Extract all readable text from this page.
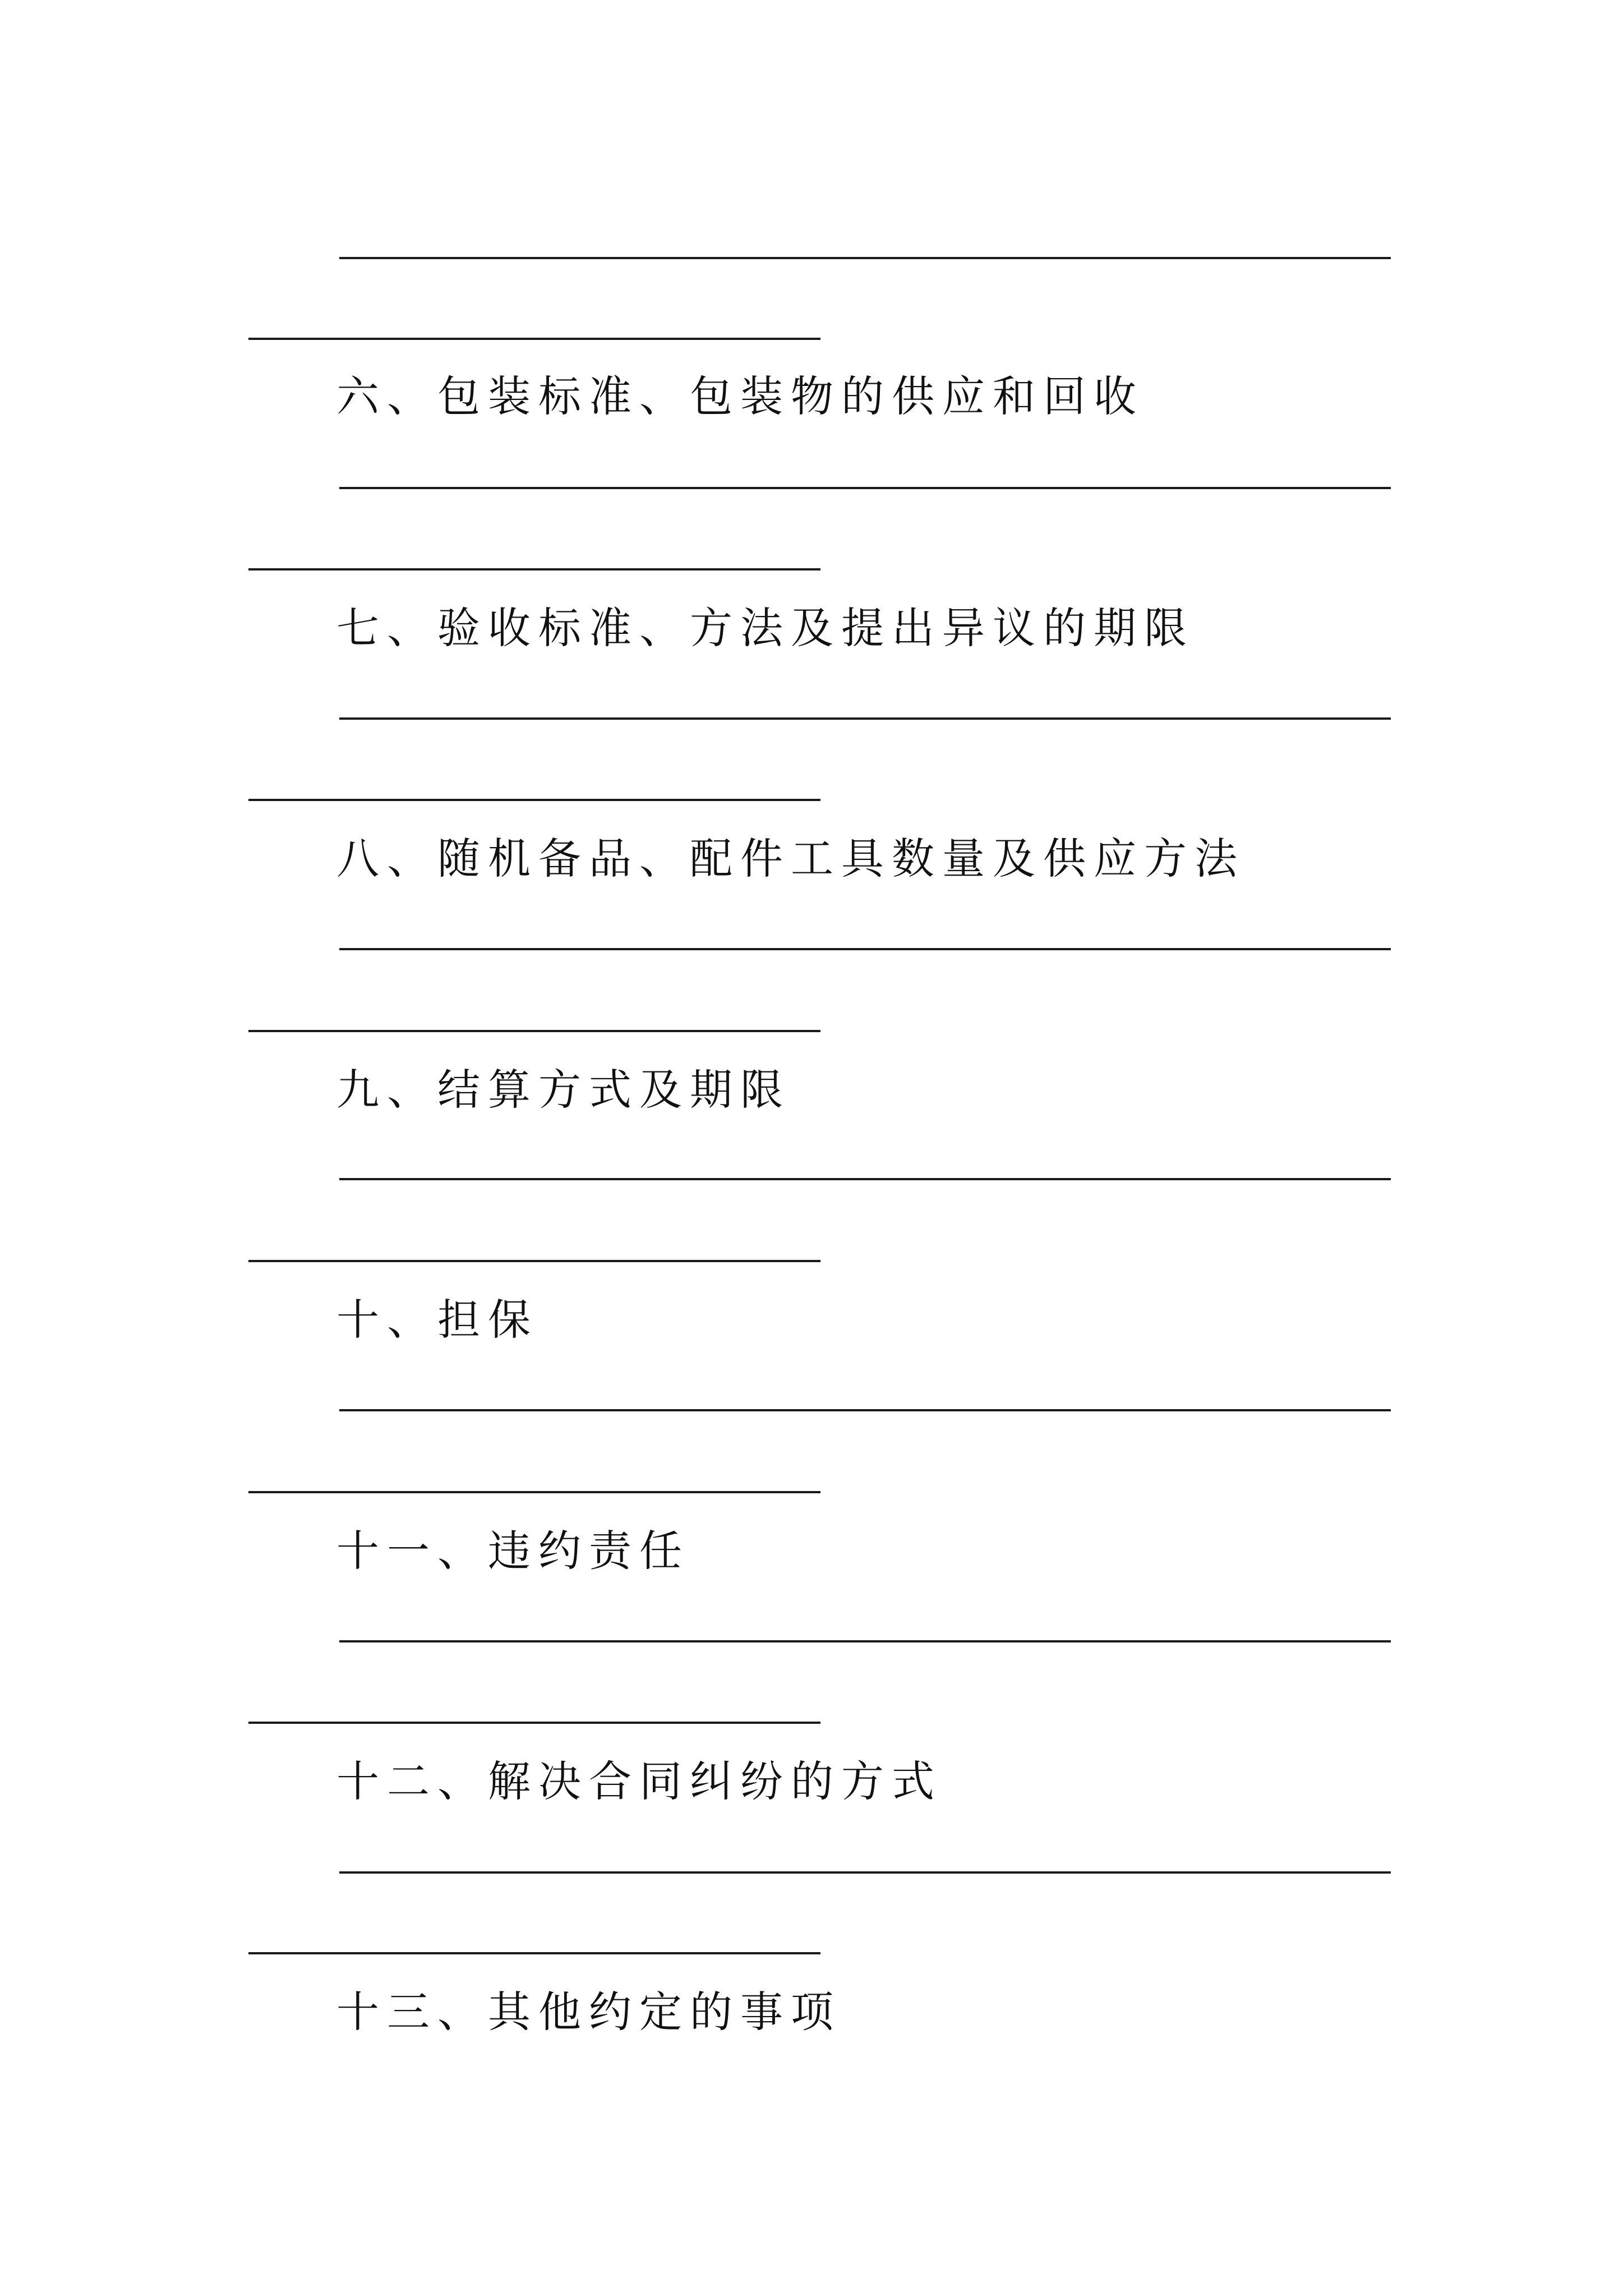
六、包装标准、包装物的供应和回收
七、验收标准、方法及提出异议的期限
八、随机备品、配件工具数量及供应方法
九、结算方式及期限
十、担保
十一、违约责任
十二、解决合同纠纷的方式
十三、其他约定的事项
